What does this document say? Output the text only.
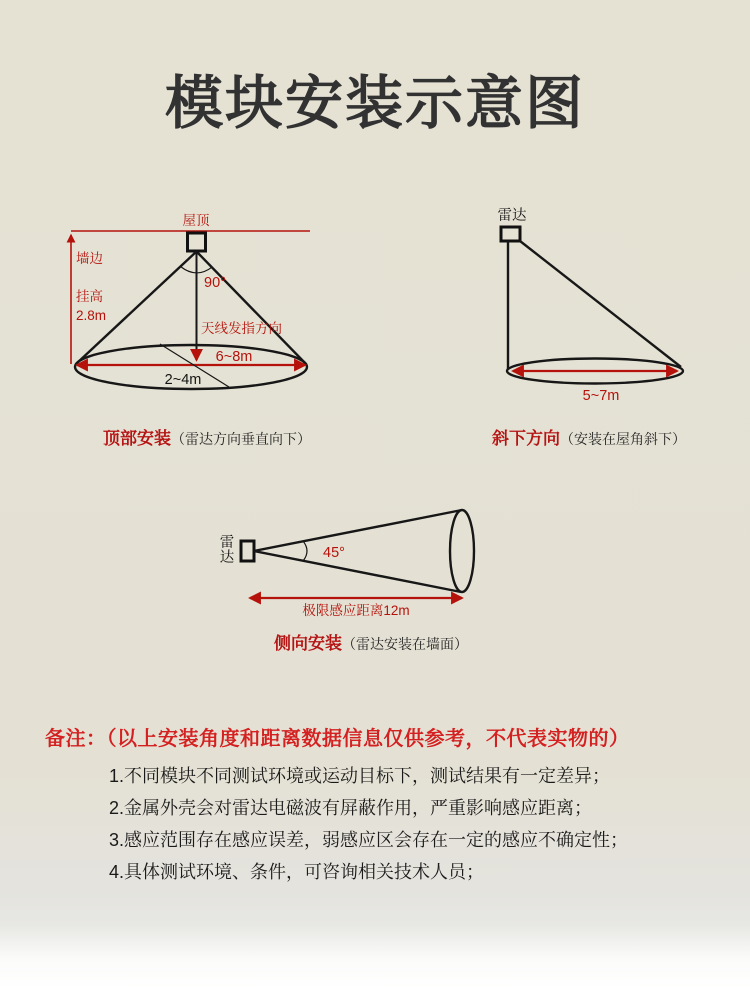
模块安装示意图
屋顶
90°
天线发指方向
墙边
挂高
2.8m
6~8m
2~4m
雷达
5~7m
雷
达	45°
极限感应距离12m
顶部安装（雷达方向垂直向下）	斜下方向（安装在屋角斜下）
侧向安装（雷达安装在墙面）
备注：（以上安装角度和距离数据信息仅供参考，不代表实物的）
1.不同模块不同测试环境或运动目标下，测试结果有一定差异；
2.金属外壳会对雷达电磁波有屏蔽作用，严重影响感应距离；
3.感应范围存在感应误差，弱感应区会存在一定的感应不确定性；
4.具体测试环境、条件，可咨询相关技术人员；
